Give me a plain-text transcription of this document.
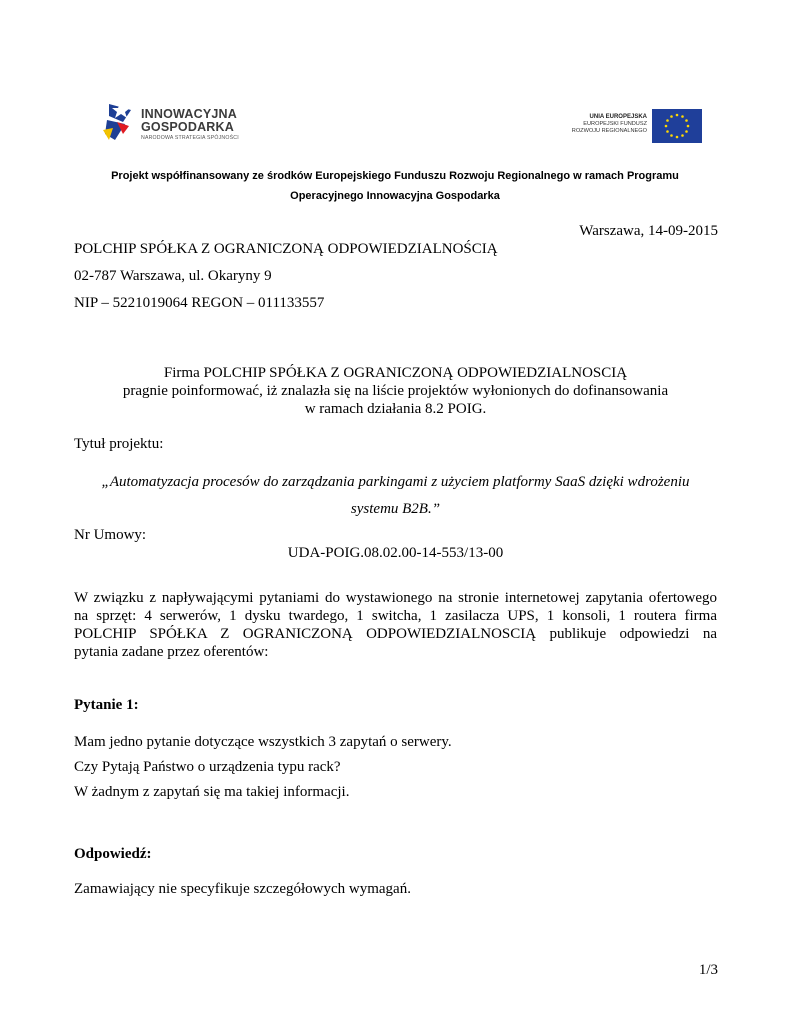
INNOWACYJNA
GOSPODARKA
NARODOWA STRATEGIA SPÓJNOŚCI
UNIA EUROPEJSKA
EUROPEJSKI FUNDUSZ
ROZWOJU REGIONALNEGO
Projekt współfinansowany ze środków Europejskiego Funduszu Rozwoju Regionalnego w ramach Programu
Operacyjnego Innowacyjna Gospodarka
Warszawa, 14-09-2015
POLCHIP SPÓŁKA Z OGRANICZONĄ ODPOWIEDZIALNOŚCIĄ
02-787 Warszawa, ul. Okaryny 9
NIP – 5221019064 REGON – 011133557
Firma POLCHIP SPÓŁKA Z OGRANICZONĄ ODPOWIEDZIALNOSCIĄ
pragnie poinformować, iż znalazła się na liście projektów wyłonionych do dofinansowania
w ramach działania 8.2 POIG.
Tytuł projektu:
„Automatyzacja procesów do zarządzania parkingami z użyciem platformy SaaS dzięki wdrożeniu
systemu B2B.”
Nr Umowy:
UDA-POIG.08.02.00-14-553/13-00
W związku z napływającymi pytaniami do wystawionego na stronie internetowej zapytania ofertowego
na sprzęt: 4 serwerów, 1 dysku twardego, 1 switcha, 1 zasilacza UPS, 1 konsoli, 1 routera firma
POLCHIP SPÓŁKA Z OGRANICZONĄ ODPOWIEDZIALNOSCIĄ publikuje odpowiedzi na
pytania zadane przez oferentów:
Pytanie 1:
Mam jedno pytanie dotyczące wszystkich 3 zapytań o serwery.
Czy Pytają Państwo o urządzenia typu rack?
W żadnym z zapytań się ma takiej informacji.
Odpowiedź:
Zamawiający nie specyfikuje szczegółowych wymagań.
1/3
